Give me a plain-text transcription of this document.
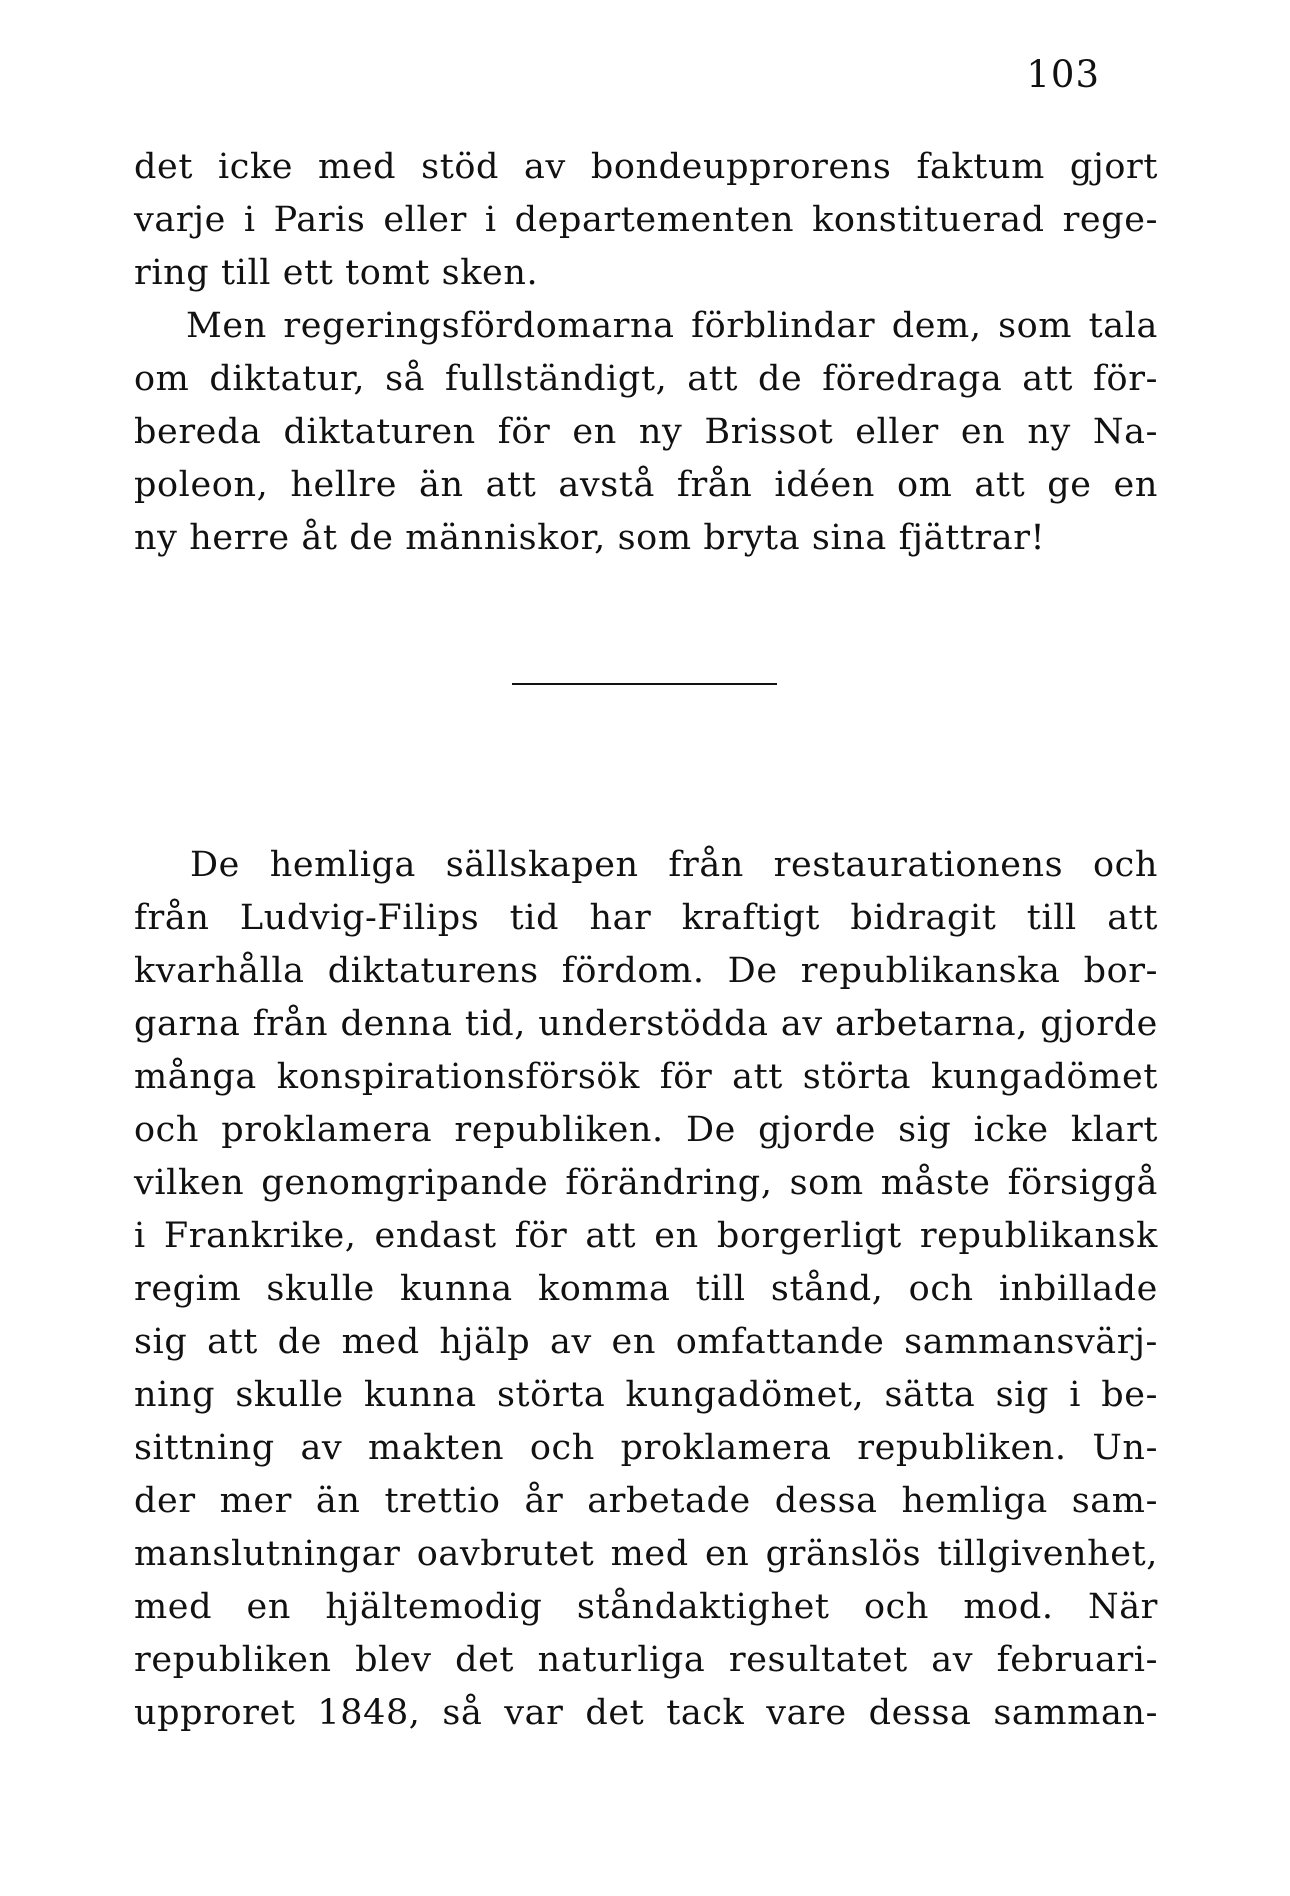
103
det icke med stöd av bondeupprorens faktum gjort
varje i Paris eller i departementen konstituerad rege-
ring till ett tomt sken.
Men regeringsfördomarna förblindar dem, som tala
om diktatur, så fullständigt, att de föredraga att för-
bereda diktaturen för en ny Brissot eller en ny Na-
poleon, hellre än att avstå från idéen om att ge en
ny herre åt de människor, som bryta sina fjättrar!
De hemliga sällskapen från restaurationens och
från Ludvig-Filips tid har kraftigt bidragit till att
kvarhålla diktaturens fördom. De republikanska bor-
garna från denna tid, understödda av arbetarna, gjorde
många konspirationsförsök för att störta kungadömet
och proklamera republiken. De gjorde sig icke klart
vilken genomgripande förändring, som måste försiggå
i Frankrike, endast för att en borgerligt republikansk
regim skulle kunna komma till stånd, och inbillade
sig att de med hjälp av en omfattande sammansvärj-
ning skulle kunna störta kungadömet, sätta sig i be-
sittning av makten och proklamera republiken. Un-
der mer än trettio år arbetade dessa hemliga sam-
manslutningar oavbrutet med en gränslös tillgivenhet,
med en hjältemodig ståndaktighet och mod. När
republiken blev det naturliga resultatet av februari-
upproret 1848, så var det tack vare dessa samman-
